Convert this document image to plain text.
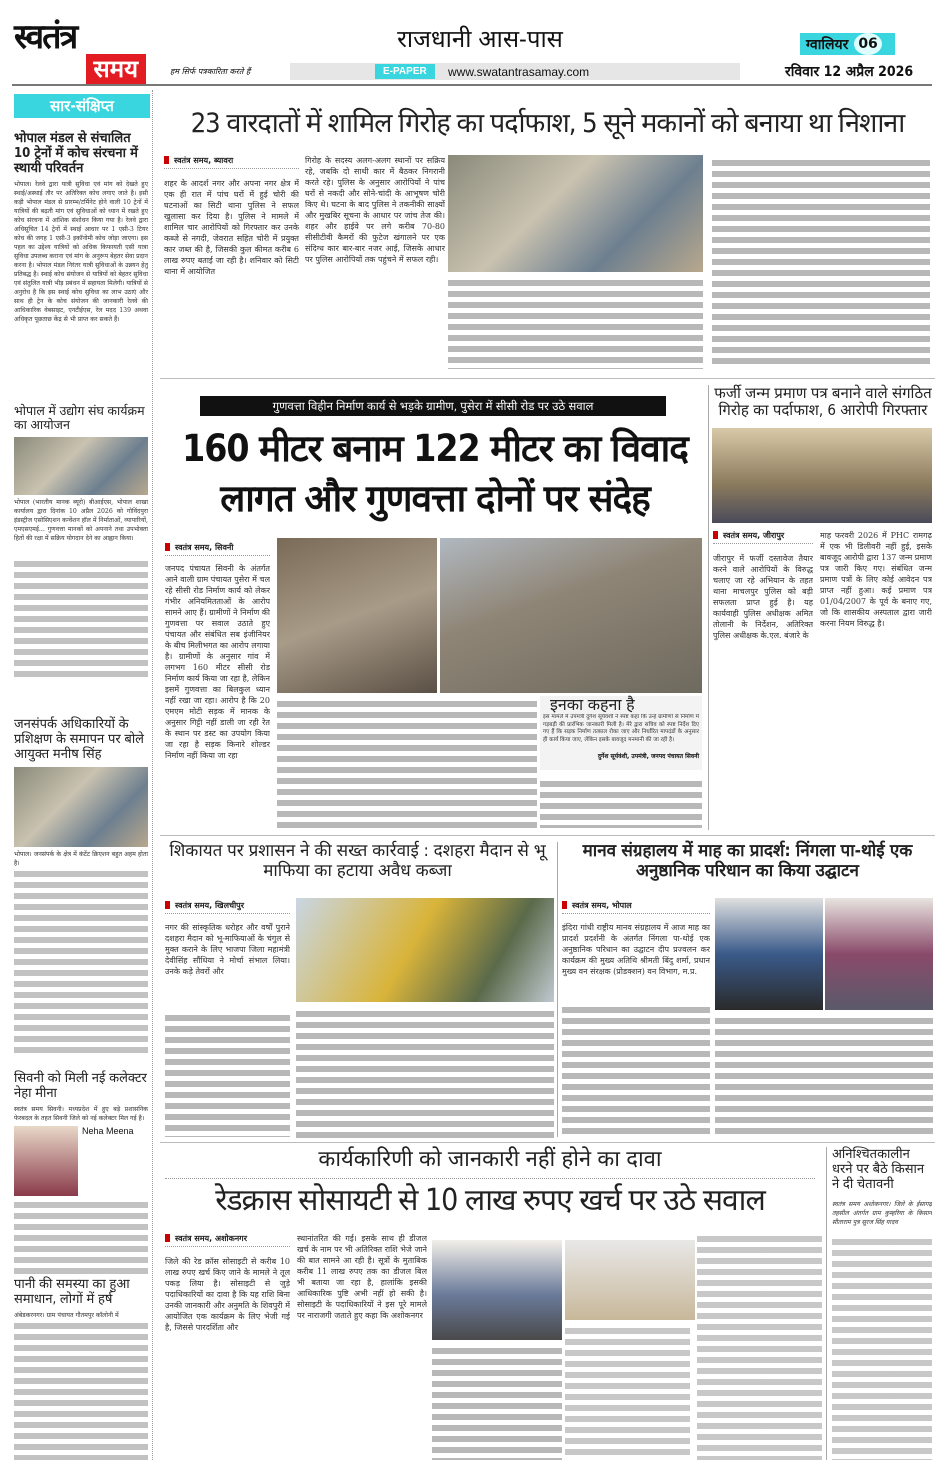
स्वतंत्र
समय
राजधानी आस-पास
हम सिर्फ पत्रकारिता करते हैं	E-PAPER	www.swatantrasamay.com
ग्वालियर 06
रविवार 12 अप्रैल 2026
सार-संक्षिप्त
भोपाल मंडल से संचालित 10 ट्रेनों में कोच संरचना में स्थायी परिवर्तन
भोपाल। रेलवे द्वारा यात्री सुविधा एवं मांग को देखते हुए स्थाई/अस्थाई तौर पर अतिरिक्त कोच लगाए जाते है। इसी कड़ी भोपाल मंडल से प्रारम्भ/टर्मिनेट होने वाली 10 ट्रेनों में यात्रियों की बढ़ती मांग एवं सुविधाओं को ध्यान में रखते हुए कोच संरचना में आंशिक संशोधन किया गया है। रेलवे द्वारा अधिसूचित 14 ट्रेनों में स्थाई आधार पर 1 एसी-3 टियर कोच की जगह 1 एसी-3 इकॉनोमी कोच जोड़ा जाएगा। इस पहल का उद्देश्य यात्रियों को अधिक किफायती एसी यात्रा सुविधा उपलब्ध कराना एवं मांग के अनुरूप बेहतर सेवा प्रदान करना है। भोपाल मंडल निरंतर यात्री सुविधाओं के उन्नयन हेतु प्रतिबद्ध है। स्थाई कोच संयोजन से यात्रियों को बेहतर सुविधा एवं संतुलित यात्री भीड़ प्रबंधन में सहायता मिलेगी। यात्रियों से अनुरोध है कि इस स्थाई कोच सुविधा का लाभ उठाएं और साथ ही ट्रेन के कोच संयोजन की जानकारी रेलवे की आधिकारिक वेबसाइट, एनटीईएस, रेल मदद 139 अथवा अधिकृत पूछताछ केंद्र से भी प्राप्त कर सकते हैं।
भोपाल में उद्योग संघ कार्यक्रम का आयोजन
भोपाल (भारतीय मानक ब्यूरो) बीआईएस, भोपाल शाखा कार्यालय द्वारा दिनांक 10 अप्रैल 2026 को गोविंदपुरा इंडस्ट्रीज एसोसिएशन कन्वेंशन हॉल में निर्माताओं, व्यापारियों, एमएसएमई... गुणवत्ता मानकों को अपनाने तथा उपभोक्ता हितों की रक्षा में सक्रिय योगदान देने का आह्वान किया।
जनसंपर्क अधिकारियों के प्रशिक्षण के समापन पर बोले आयुक्त मनीष सिंह
भोपाल। जनसंपर्क के क्षेत्र में कंटेंट क्रिएशन बहुत अहम होता है।
सिवनी को मिली नई कलेक्टर नेहा मीना
स्वतंत्र समय सिवनी। मध्यप्रदेश में हुए बड़े प्रशासनिक फेरबदल के तहत सिवनी जिले को नई कलेक्टर मिल गई है।
Neha Meena
पानी की समस्या का हुआ समाधान, लोगों में हर्ष
अंबेडकरनगर। ग्राम पंचायत गौतमपुर कॉलोनी में
23 वारदातों में शामिल गिरोह का पर्दाफाश, 5 सूने मकानों को बनाया था निशाना
स्वतंत्र समय, ब्यावरा
शहर के आदर्श नगर और अपना नगर क्षेत्र में एक ही रात में पांच घरों में हुई चोरी की घटनाओं का सिटी थाना पुलिस ने सफल खुलासा कर दिया है। पुलिस ने मामले में शामिल चार आरोपियों को गिरफ्तार कर उनके कब्जे से नगदी, जेवरात सहित चोरी में प्रयुक्त कार जब्त की है, जिसकी कुल कीमत करीब 6 लाख रुपए बताई जा रही है। शनिवार को सिटी थाना में आयोजित
गिरोह के सदस्य अलग-अलग स्थानों पर सक्रिय रहे, जबकि दो साथी कार में बैठकर निगरानी करते रहे। पुलिस के अनुसार आरोपियों ने पांच घरों से नकदी और सोने-चांदी के आभूषण चोरी किए थे। घटना के बाद पुलिस ने तकनीकी साक्ष्यों और मुखबिर सूचना के आधार पर जांच तेज की। शहर और हाईवे पर लगे करीब 70-80 सीसीटीवी कैमरों की फुटेज खंगालने पर एक संदिग्ध कार बार-बार नजर आई, जिसके आधार पर पुलिस आरोपियों तक पहुंचने में सफल रही।
गुणवत्ता विहीन निर्माण कार्य से भड़के ग्रामीण, पुसेरा में सीसी रोड पर उठे सवाल
160 मीटर बनाम 122 मीटर का विवाद
लागत और गुणवत्ता दोनों पर संदेह
स्वतंत्र समय, सिवनी
जनपद पंचायत सिवनी के अंतर्गत आने वाली ग्राम पंचायत पुसेरा में चल रहे सीसी रोड निर्माण कार्य को लेकर गंभीर अनियमितताओं के आरोप सामने आए हैं। ग्रामीणों ने निर्माण की गुणवत्ता पर सवाल उठाते हुए पंचायत और संबंधित सब इंजीनियर के बीच मिलीभगत का आरोप लगाया है। ग्रामीणों के अनुसार गांव में लगभग 160 मीटर सीसी रोड निर्माण कार्य किया जा रहा है, लेकिन इसमें गुणवत्ता का बिलकुल ध्यान नहीं रखा जा रहा। आरोप है कि 20 एमएम मोटी सड़क में मानक के अनुसार गिट्टी नहीं डाली जा रही रेत के स्थान पर डस्ट का उपयोग किया जा रहा है सड़क किनारे शोल्डर निर्माण नहीं किया जा रहा
इनका कहना है
इस मामले में उपमंत्री दुर्गेश सूर्यवंशी ने स्पष्ट कहा कि उन्हें ग्रामीणों से निर्माण में गड़बड़ी की प्रारंभिक जानकारी मिली है। मेरे द्वारा सचिव को स्पष्ट निर्देश दिए गए हैं कि सड़क निर्माण तत्काल रोका जाए और निर्धारित मापदंडों के अनुसार ही कार्य किया जाए, लेकिन इसके बावजूद मनमानी की जा रही है।
दुर्गेश सूर्यवंशी, उपमंत्री, जनपद पंचायत सिवनी
फर्जी जन्म प्रमाण पत्र बनाने वाले संगठित गिरोह का पर्दाफाश, 6 आरोपी गिरफ्तार
स्वतंत्र समय, जीरापुर
जीरापुर में फर्जी दस्तावेज तैयार करने वाले आरोपियों के विरुद्ध चलाए जा रहे अभियान के तहत थाना माचलपुर पुलिस को बड़ी सफलता प्राप्त हुई है। यह कार्यवाही पुलिस अधीक्षक अमित तोलानी के निर्देशन, अतिरिक्त पुलिस अधीक्षक के.एल. बंजारे के
माह फरवरी 2026 में PHC रामगढ़ में एक भी डिलीवरी नहीं हुई, इसके बावजूद आरोपी द्वारा 137 जन्म प्रमाण पत्र जारी किए गए। संबंधित जन्म प्रमाण पत्रों के लिए कोई आवेदन पत्र प्राप्त नहीं हुआ। कई प्रमाण पत्र 01/04/2007 के पूर्व के बनाए गए, जो कि शासकीय अस्पताल द्वारा जारी करना नियम विरुद्ध है।
शिकायत पर प्रशासन ने की सख्त कार्रवाई : दशहरा मैदान से भू माफिया का हटाया अवैध कब्जा
स्वतंत्र समय, खिलचीपुर
नगर की सांस्कृतिक धरोहर और वर्षों पुराने दशहरा मैदान को भू-माफियाओं के चंगुल से मुक्त कराने के लिए भाजपा जिला महामंत्री देवीसिंह सौंधिया ने मोर्चा संभाल लिया। उनके कड़े तेवरों और
मानव संग्रहालय में माह का प्रादर्श: निंगला पा-थोई एक अनुष्ठानिक परिधान का किया उद्घाटन
स्वतंत्र समय, भोपाल
इंदिरा गांधी राष्ट्रीय मानव संग्रहालय में आज माह का प्रादर्श प्रदर्शनी के अंतर्गत निंगला पा-थोई एक अनुष्ठानिक परिधान का उद्घाटन दीप प्रज्वलन कर कार्यक्रम की मुख्य अतिथि श्रीमती बिंदु शर्मा, प्रधान मुख्य वन संरक्षक (प्रोडक्शन) वन विभाग, म.प्र.
कार्यकारिणी को जानकारी नहीं होने का दावा
रेडक्रास सोसायटी से 10 लाख रुपए खर्च पर उठे सवाल
स्वतंत्र समय, अशोकनगर
जिले की रेड क्रॉस सोसाइटी से करीब 10 लाख रुपए खर्च किए जाने के मामले ने तूल पकड़ लिया है। सोसाइटी से जुड़े पदाधिकारियों का दावा है कि यह राशि बिना उनकी जानकारी और अनुमति के शिवपुरी में आयोजित एक कार्यक्रम के लिए भेजी गई है, जिससे पारदर्शिता और
स्थानांतरित की गई। इसके साथ ही डीजल खर्च के नाम पर भी अतिरिक्त राशि भेजे जाने की बात सामने आ रही है। सूत्रों के मुताबिक करीब 11 लाख रुपए तक का डीजल बिल भी बताया जा रहा है, हालांकि इसकी आधिकारिक पुष्टि अभी नहीं हो सकी है। सोसाइटी के पदाधिकारियों ने इस पूरे मामले पर नाराजगी जताते हुए कहा कि अशोकनगर
अनिश्चितकालीन धरने पर बैठे किसान ने दी चेतावनी
स्वतंत्र समय अशोकनगर। जिले के ईसागढ़ तहसील अंतर्गत ग्राम कुम्हरिया के किसान सीताराम पुत्र सूरज सिंह यादव
